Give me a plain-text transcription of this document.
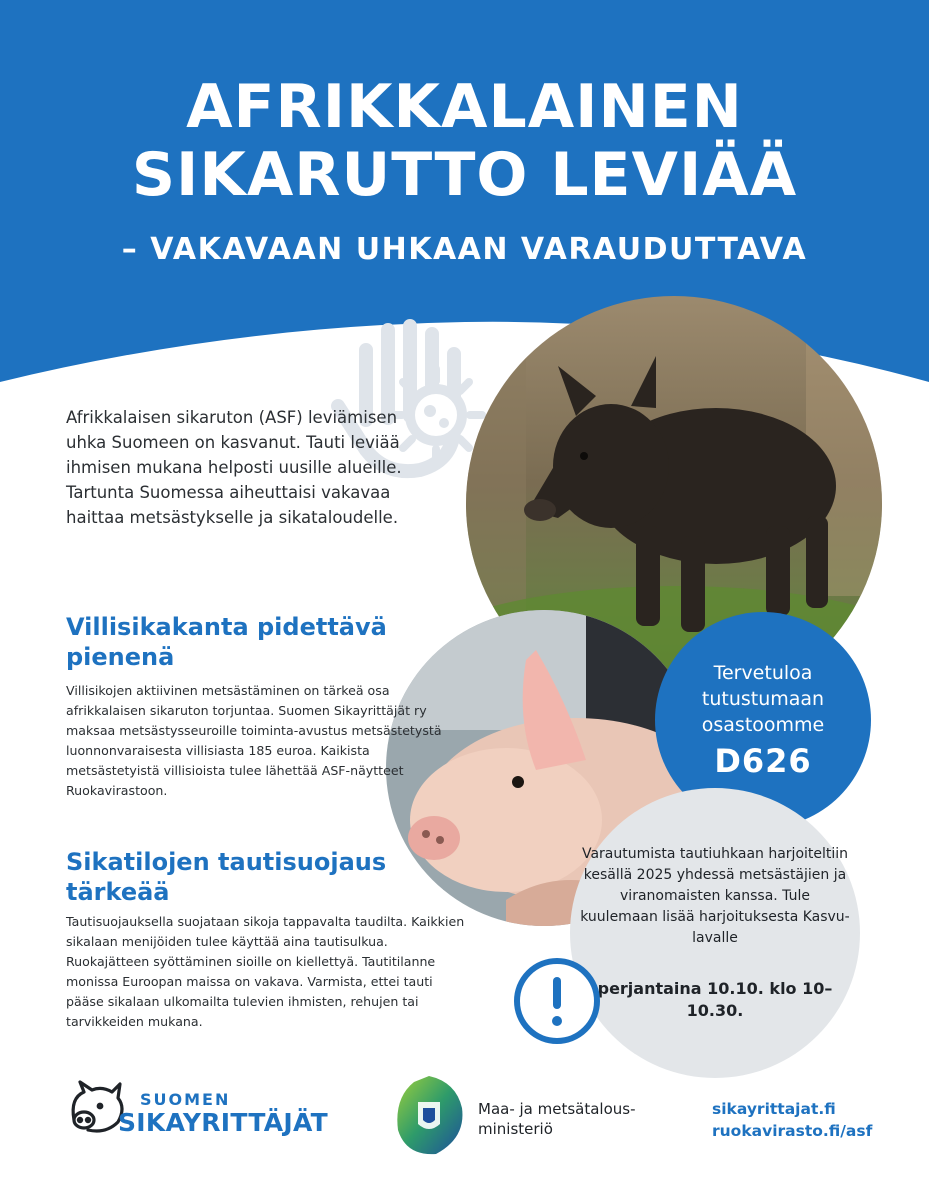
AFRIKKALAINEN
SIKARUTTO LEVIÄÄ
– VAKAVAAN UHKAAN VARAUDUTTAVA
Tervetuloa tutustumaan osastoomme
D626
Varautumista tautiuhkaan harjoiteltiin kesällä 2025 yhdessä metsästäjien ja viranomaisten kanssa. Tule kuulemaan lisää harjoituksesta Kasvu-lavalle
perjantaina 10.10. klo 10–10.30.
Afrikkalaisen sikaruton (ASF) leviämisen uhka Suomeen on kasvanut. Tauti leviää ihmisen mukana helposti uusille alueille. Tartunta Suomessa aiheuttaisi vakavaa haittaa metsästykselle ja sikataloudelle.
Villisikakanta pidettävä pienenä
Villisikojen aktiivinen metsästäminen on tärkeä osa afrikkalaisen sikaruton torjuntaa. Suomen Sikayrittäjät ry maksaa metsästysseuroille toiminta-avustus metsästetystä luonnonvaraisesta villisiasta 185 euroa. Kaikista metsästetyistä villisioista tulee lähettää ASF-näytteet Ruokavirastoon.
Sikatilojen tautisuojaus tärkeää
Tautisuojauksella suojataan sikoja tappavalta taudilta. Kaikkien sikalaan menijöiden tulee käyttää aina tautisulkua. Ruokajätteen syöttäminen sioille on kiellettyä. Tautitilanne monissa Euroopan maissa on vakava. Varmista, ettei tauti pääse sikalaan ulkomailta tulevien ihmisten, rehujen tai tarvikkeiden mukana.
SUOMEN
SIKAYRITTÄJÄT	Maa- ja metsätalous-
ministeriö
sikayrittajat.fi
ruokavirasto.fi/asf
